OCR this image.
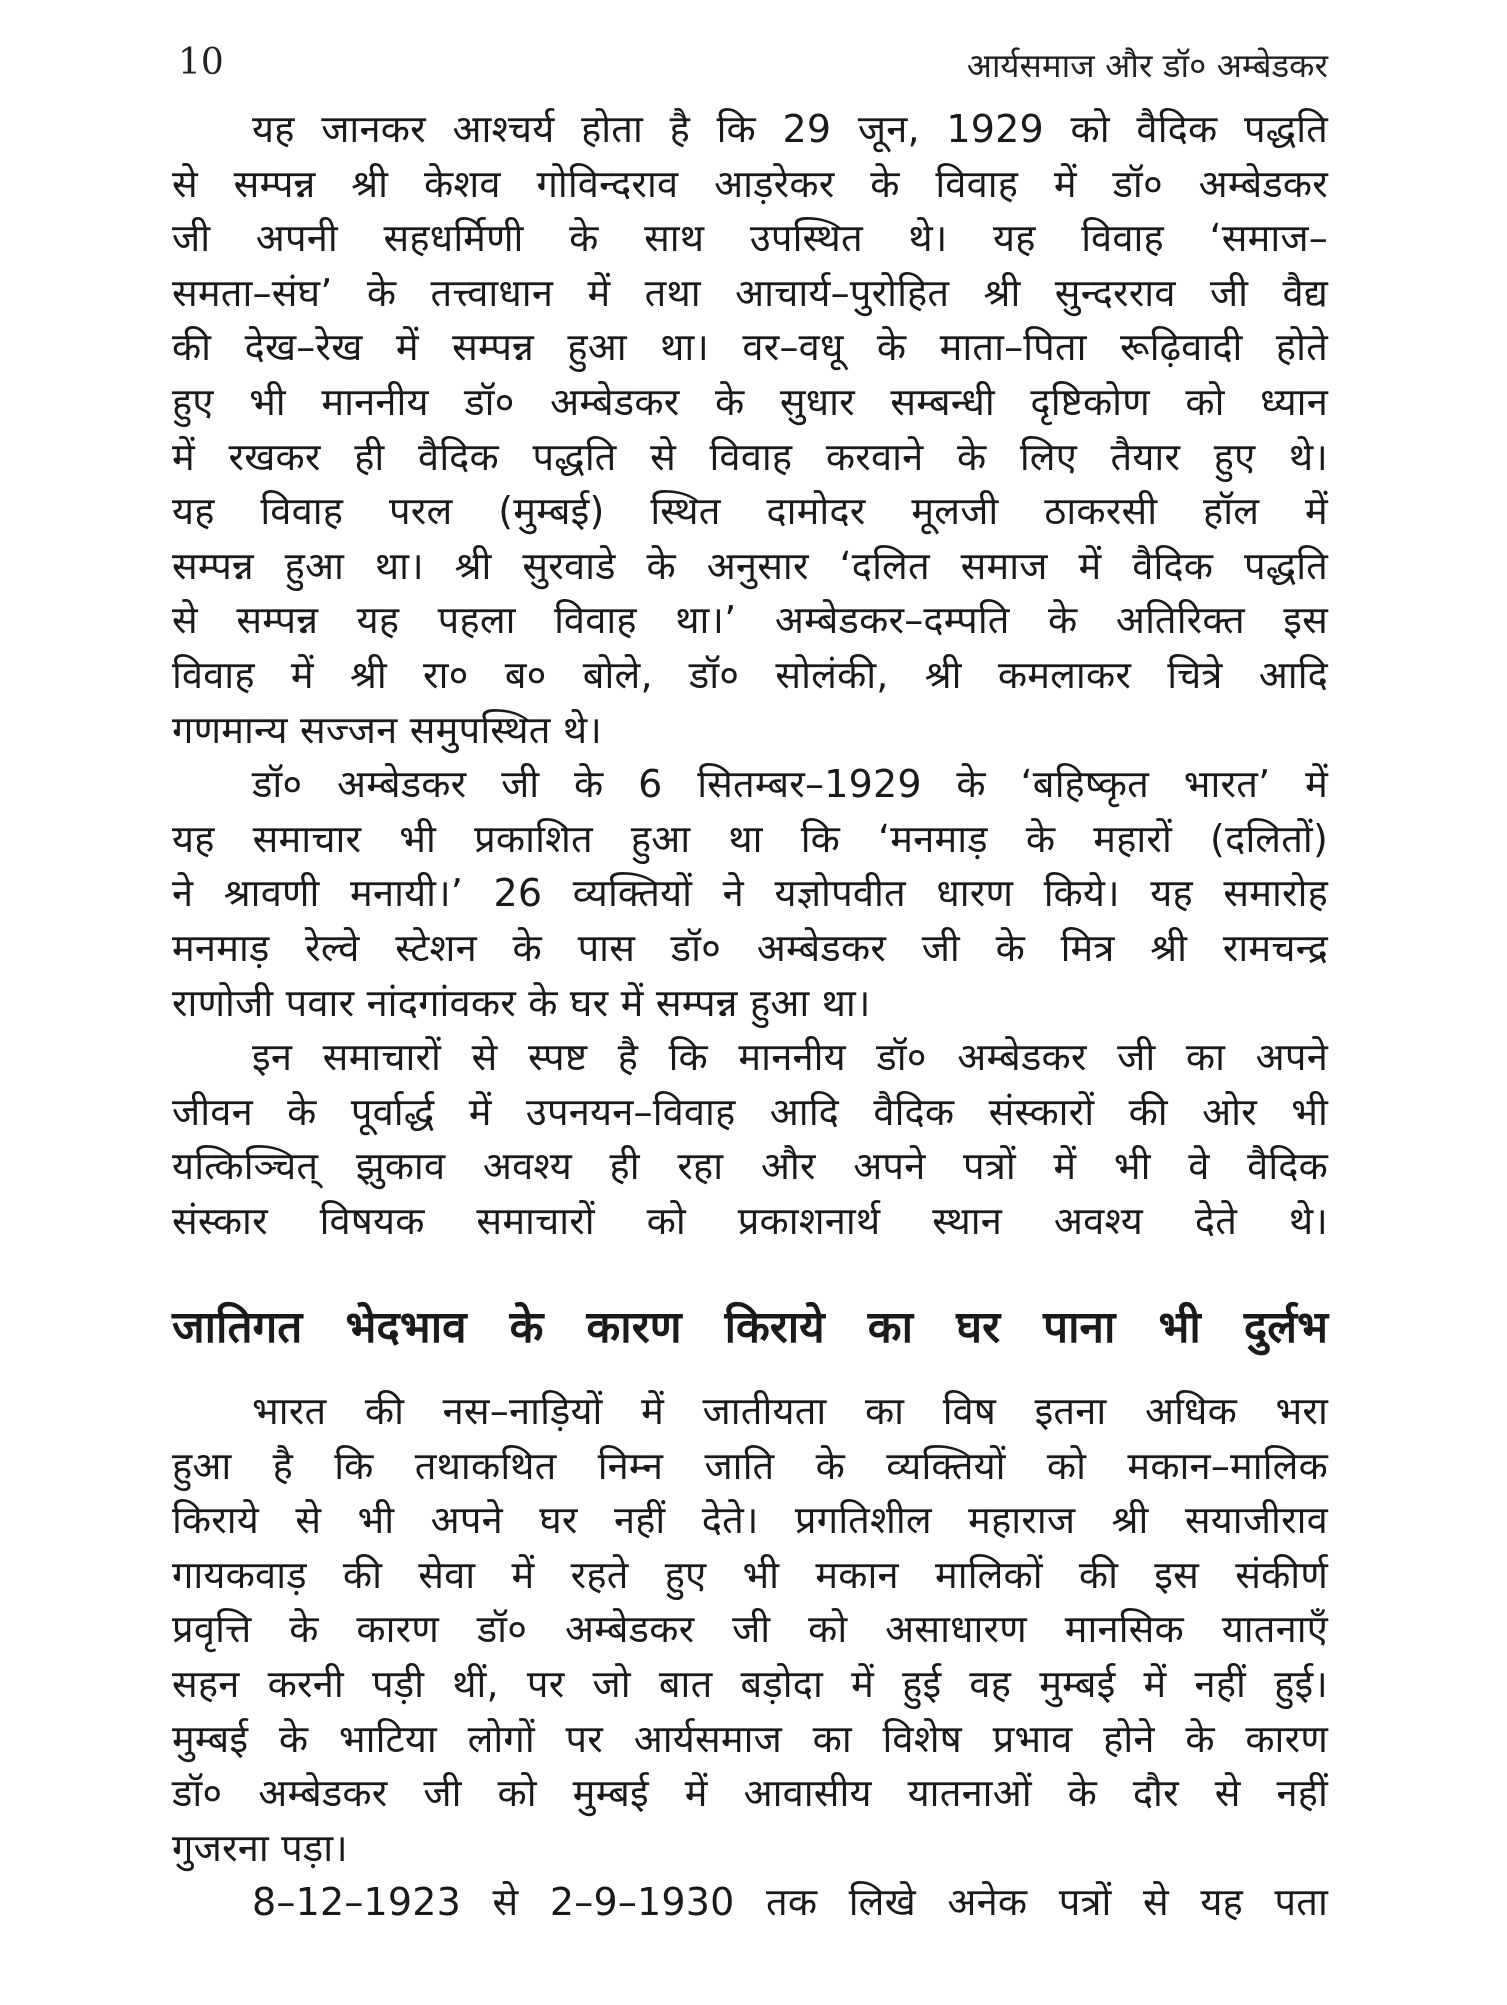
10	आर्यसमाज और डॉ० अम्बेडकर
यह जानकर आश्चर्य होता है कि 29 जून, 1929 को वैदिक पद्धति
से सम्पन्न श्री केशव गोविन्दराव आड़रेकर के विवाह में डॉ० अम्बेडकर
जी अपनी सहधर्मिणी के साथ उपस्थित थे। यह विवाह ‘समाज–
समता–संघ’ के तत्त्वाधान में तथा आचार्य–पुरोहित श्री सुन्दरराव जी वैद्य
की देख–रेख में सम्पन्न हुआ था। वर–वधू के माता–पिता रूढ़िवादी होते
हुए भी माननीय डॉ० अम्बेडकर के सुधार सम्बन्धी दृष्टिकोण को ध्यान
में रखकर ही वैदिक पद्धति से विवाह करवाने के लिए तैयार हुए थे।
यह विवाह परल (मुम्बई) स्थित दामोदर मूलजी ठाकरसी हॉल में
सम्पन्न हुआ था। श्री सुरवाडे के अनुसार ‘दलित समाज में वैदिक पद्धति
से सम्पन्न यह पहला विवाह था।’ अम्बेडकर–दम्पति के अतिरिक्त इस
विवाह में श्री रा० ब० बोले, डॉ० सोलंकी, श्री कमलाकर चित्रे आदि
गणमान्य सज्जन समुपस्थित थे।
डॉ० अम्बेडकर जी के 6 सितम्बर–1929 के ‘बहिष्कृत भारत’ में
यह समाचार भी प्रकाशित हुआ था कि ‘मनमाड़ के महारों (दलितों)
ने श्रावणी मनायी।’ 26 व्यक्तियों ने यज्ञोपवीत धारण किये। यह समारोह
मनमाड़ रेल्वे स्टेशन के पास डॉ० अम्बेडकर जी के मित्र श्री रामचन्द्र
राणोजी पवार नांदगांवकर के घर में सम्पन्न हुआ था।
इन समाचारों से स्पष्ट है कि माननीय डॉ० अम्बेडकर जी का अपने
जीवन के पूर्वार्द्ध में उपनयन–विवाह आदि वैदिक संस्कारों की ओर भी
यत्किञ्चित् झुकाव अवश्य ही रहा और अपने पत्रों में भी वे वैदिक
संस्कार विषयक समाचारों को प्रकाशनार्थ स्थान अवश्य देते थे।
जातिगत भेदभाव के कारण किराये का घर पाना भी दुर्लभ
भारत की नस–नाड़ियों में जातीयता का विष इतना अधिक भरा
हुआ है कि तथाकथित निम्न जाति के व्यक्तियों को मकान–मालिक
किराये से भी अपने घर नहीं देते। प्रगतिशील महाराज श्री सयाजीराव
गायकवाड़ की सेवा में रहते हुए भी मकान मालिकों की इस संकीर्ण
प्रवृत्ति के कारण डॉ० अम्बेडकर जी को असाधारण मानसिक यातनाएँ
सहन करनी पड़ी थीं, पर जो बात बड़ोदा में हुई वह मुम्बई में नहीं हुई।
मुम्बई के भाटिया लोगों पर आर्यसमाज का विशेष प्रभाव होने के कारण
डॉ० अम्बेडकर जी को मुम्बई में आवासीय यातनाओं के दौर से नहीं
गुजरना पड़ा।
8–12–1923 से 2–9–1930 तक लिखे अनेक पत्रों से यह पता
